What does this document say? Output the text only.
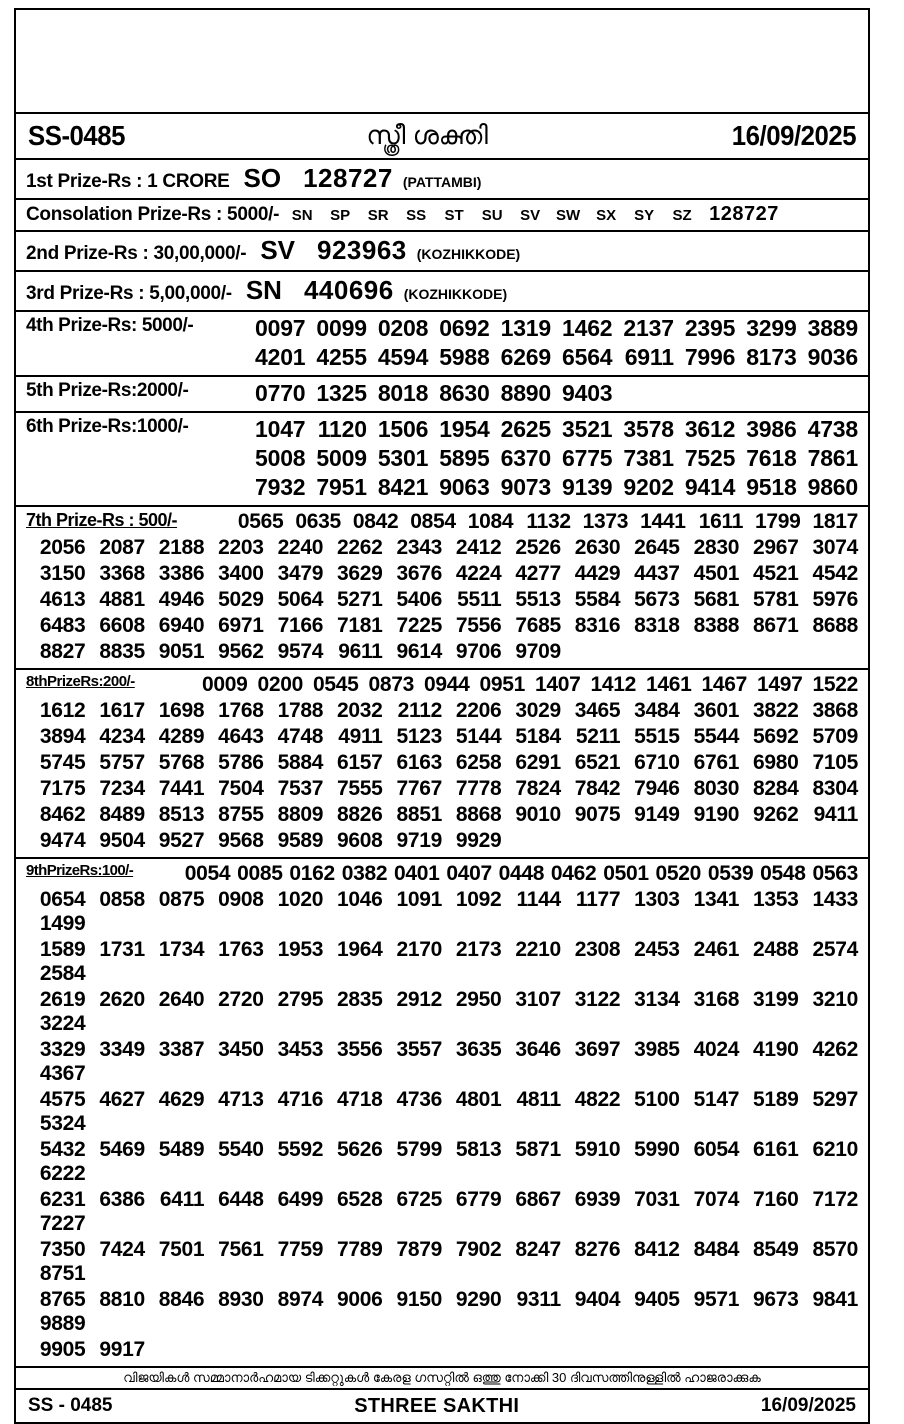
SS-0485	സ്ത്രീ ശക്തി	16/09/2025
1st Prize-Rs : 1 CRORE SO 128727 (PATTAMBI)
Consolation Prize-Rs : 5000/- SN	SP	SR	SS	ST	SU	SV	SW	SX	SY	SZ 128727
2nd Prize-Rs : 30,00,000/- SV 923963 (KOZHIKKODE)
3rd Prize-Rs : 5,00,000/- SN 440696 (KOZHIKKODE)
4th Prize-Rs: 5000/-	0097 0099 0208 0692 1319 1462 2137 2395 3299 3889
4201 4255 4594 5988 6269 6564 6911 7996 8173 9036
5th Prize-Rs:2000/-	0770 1325 8018 8630 8890 9403
6th Prize-Rs:1000/-	1047 1120 1506 1954 2625 3521 3578 3612 3986 4738
5008 5009 5301 5895 6370 6775 7381 7525 7618 7861
7932 7951 8421 9063 9073 9139 9202 9414 9518 9860
7th Prize-Rs : 500/-	0565 0635 0842 0854 1084 1132 1373 1441 1611 1799 1817
2056 2087 2188 2203 2240 2262 2343 2412 2526 2630 2645 2830 2967 3074
3150 3368 3386 3400 3479 3629 3676 4224 4277 4429 4437 4501 4521 4542
4613 4881 4946 5029 5064 5271 5406 5511 5513 5584 5673 5681 5781 5976
6483 6608 6940 6971 7166 7181 7225 7556 7685 8316 8318 8388 8671 8688
8827 8835 9051 9562 9574 9611 9614 9706 9709
8thPrizeRs:200/-	0009 0200 0545 0873 0944 0951 1407 1412 1461 1467 1497 1522
1612 1617 1698 1768 1788 2032 2112 2206 3029 3465 3484 3601 3822 3868
3894 4234 4289 4643 4748 4911 5123 5144 5184 5211 5515 5544 5692 5709
5745 5757 5768 5786 5884 6157 6163 6258 6291 6521 6710 6761 6980 7105
7175 7234 7441 7504 7537 7555 7767 7778 7824 7842 7946 8030 8284 8304
8462 8489 8513 8755 8809 8826 8851 8868 9010 9075 9149 9190 9262 9411
9474 9504 9527 9568 9589 9608 9719 9929
9thPrizeRs:100/-	0054 0085 0162 0382 0401 0407 0448 0462 0501 0520 0539 0548 0563
0654 0858 0875 0908 1020 1046 1091 1092 1144 1177 1303 1341 1353 1433
1499
1589 1731 1734 1763 1953 1964 2170 2173 2210 2308 2453 2461 2488 2574
2584
2619 2620 2640 2720 2795 2835 2912 2950 3107 3122 3134 3168 3199 3210
3224
3329 3349 3387 3450 3453 3556 3557 3635 3646 3697 3985 4024 4190 4262
4367
4575 4627 4629 4713 4716 4718 4736 4801 4811 4822 5100 5147 5189 5297
5324
5432 5469 5489 5540 5592 5626 5799 5813 5871 5910 5990 6054 6161 6210
6222
6231 6386 6411 6448 6499 6528 6725 6779 6867 6939 7031 7074 7160 7172
7227
7350 7424 7501 7561 7759 7789 7879 7902 8247 8276 8412 8484 8549 8570
8751
8765 8810 8846 8930 8974 9006 9150 9290 9311 9404 9405 9571 9673 9841
9889
9905 9917
വിജയികൾ സമ്മാനാർഹമായ ടിക്കറ്റുകൾ കേരള ഗസറ്റിൽ ഒത്തു നോക്കി 30 ദിവസത്തിനുള്ളിൽ ഹാജരാക്കുക
SS - 0485	STHREE SAKTHI	16/09/2025
